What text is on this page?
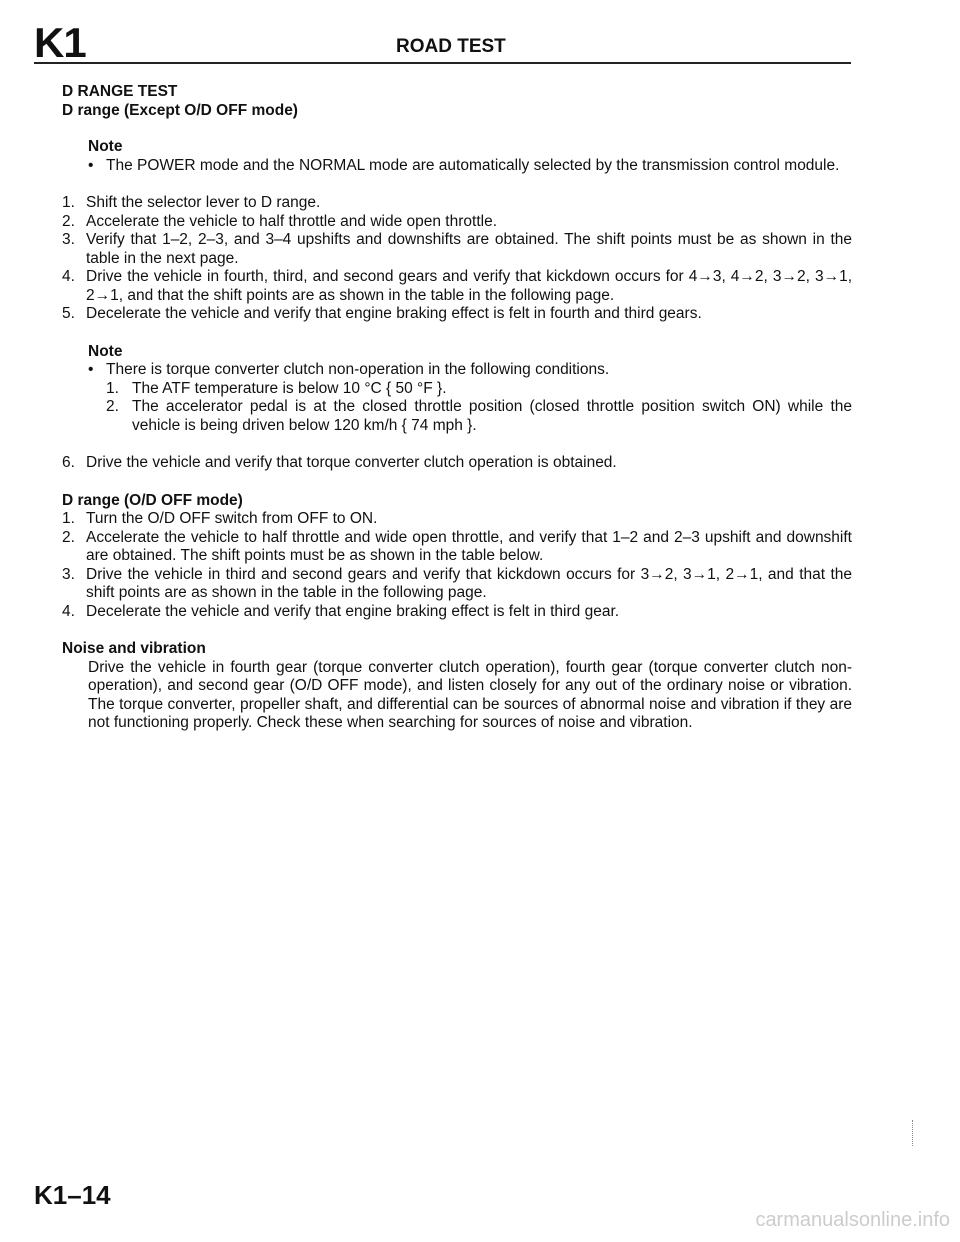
K1	ROAD TEST
D RANGE TEST
D range (Except O/D OFF mode)
Note
• The POWER mode and the NORMAL mode are automatically selected by the transmission control module.
1. Shift the selector lever to D range.
2. Accelerate the vehicle to half throttle and wide open throttle.
3. Verify that 1–2, 2–3, and 3–4 upshifts and downshifts are obtained. The shift points must be as shown in the table in the next page.
4. Drive the vehicle in fourth, third, and second gears and verify that kickdown occurs for 4→3, 4→2, 3→2, 3→1, 2→1, and that the shift points are as shown in the table in the following page.
5. Decelerate the vehicle and verify that engine braking effect is felt in fourth and third gears.
Note
• There is torque converter clutch non-operation in the following conditions.
1. The ATF temperature is below 10 °C { 50 °F }.
2. The accelerator pedal is at the closed throttle position (closed throttle position switch ON) while the vehicle is being driven below 120 km/h { 74 mph }.
6. Drive the vehicle and verify that torque converter clutch operation is obtained.
D range (O/D OFF mode)
1. Turn the O/D OFF switch from OFF to ON.
2. Accelerate the vehicle to half throttle and wide open throttle, and verify that 1–2 and 2–3 upshift and downshift are obtained. The shift points must be as shown in the table below.
3. Drive the vehicle in third and second gears and verify that kickdown occurs for 3→2, 3→1, 2→1, and that the shift points are as shown in the table in the following page.
4. Decelerate the vehicle and verify that engine braking effect is felt in third gear.
Noise and vibration
Drive the vehicle in fourth gear (torque converter clutch operation), fourth gear (torque converter clutch non-operation), and second gear (O/D OFF mode), and listen closely for any out of the ordinary noise or vibration. The torque converter, propeller shaft, and differential can be sources of abnormal noise and vibration if they are not functioning properly. Check these when searching for sources of noise and vibration.
K1–14
carmanualsonline.info
